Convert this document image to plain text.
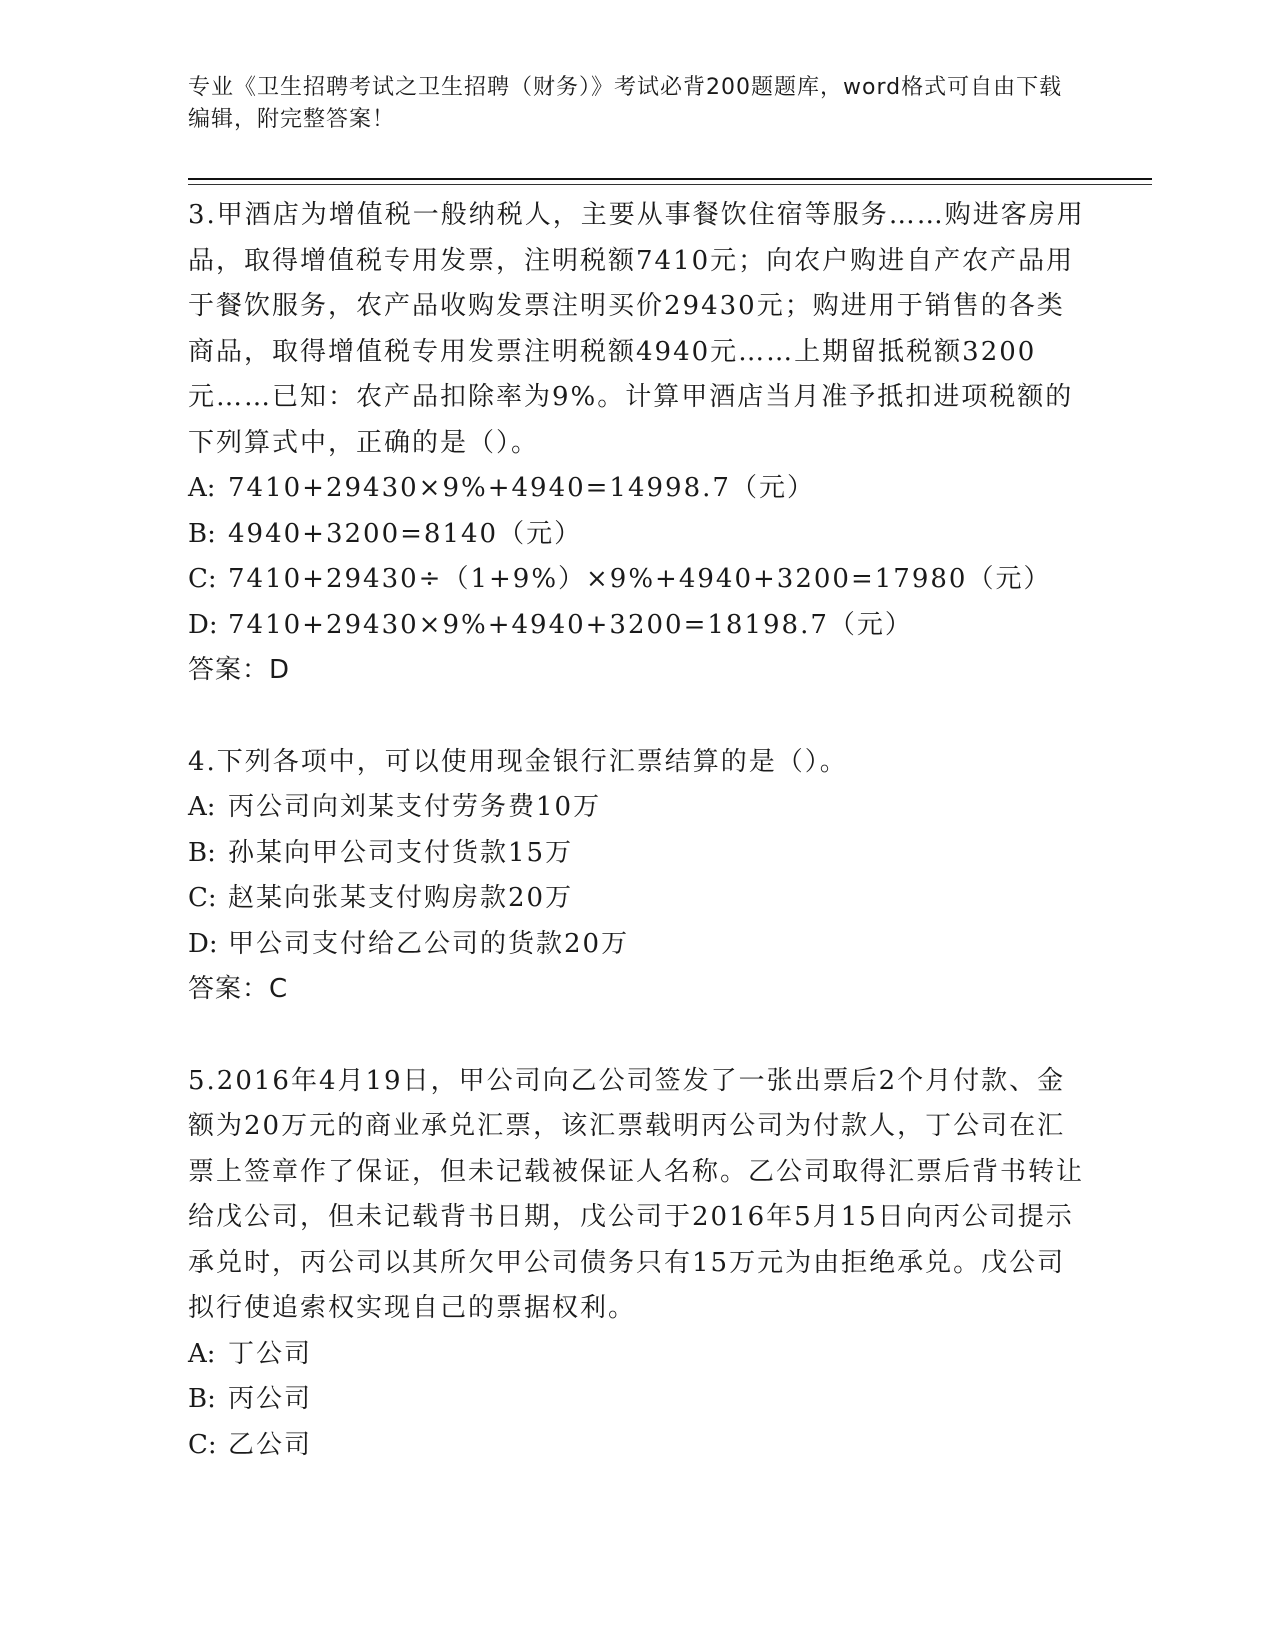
专业《卫生招聘考试之卫生招聘（财务）》考试必背200题题库，word格式可自由下载编辑，附完整答案！

3.甲酒店为增值税一般纳税人，主要从事餐饮住宿等服务……购进客房用品，取得增值税专用发票，注明税额7410元；向农户购进自产农产品用于餐饮服务，农产品收购发票注明买价29430元；购进用于销售的各类商品，取得增值税专用发票注明税额4940元……上期留抵税额3200元……已知：农产品扣除率为9%。计算甲酒店当月准予抵扣进项税额的下列算式中，正确的是（）。

A: 7410+29430×9%+4940=14998.7（元）

B: 4940+3200=8140（元）

C: 7410+29430÷（1+9%）×9%+4940+3200=17980（元）

D: 7410+29430×9%+4940+3200=18198.7（元）

答案：D

4.下列各项中，可以使用现金银行汇票结算的是（）。

A: 丙公司向刘某支付劳务费10万

B: 孙某向甲公司支付货款15万

C: 赵某向张某支付购房款20万

D: 甲公司支付给乙公司的货款20万

答案：C

5.2016年4月19日，甲公司向乙公司签发了一张出票后2个月付款、金额为20万元的商业承兑汇票，该汇票载明丙公司为付款人，丁公司在汇票上签章作了保证，但未记载被保证人名称。乙公司取得汇票后背书转让给戊公司，但未记载背书日期，戊公司于2016年5月15日向丙公司提示承兑时，丙公司以其所欠甲公司债务只有15万元为由拒绝承兑。戊公司拟行使追索权实现自己的票据权利。

A: 丁公司

B: 丙公司

C: 乙公司
